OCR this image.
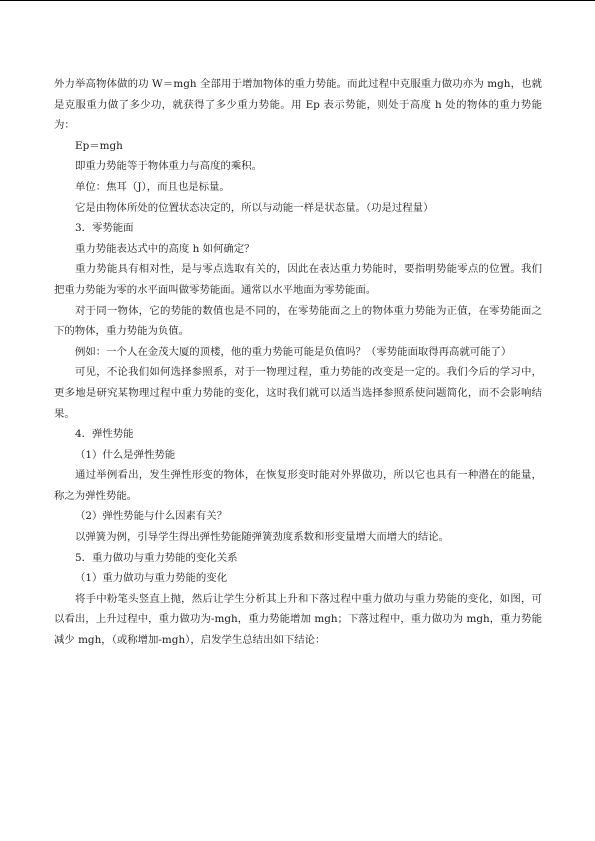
外力举高物体做的功 W＝mgh 全部用于增加物体的重力势能。而此过程中克服重力做功亦为 mgh，也就是克服重力做了多少功，就获得了多少重力势能。用 Ep 表示势能，则处于高度 h 处的物体的重力势能为：

Ep＝mgh

即重力势能等于物体重力与高度的乘积。

单位：焦耳（J），而且也是标量。

它是由物体所处的位置状态决定的，所以与动能一样是状态量。（功是过程量）

3．零势能面

重力势能表达式中的高度 h 如何确定？

重力势能具有相对性，是与零点选取有关的，因此在表达重力势能时，要指明势能零点的位置。我们把重力势能为零的水平面叫做零势能面。通常以水平地面为零势能面。

对于同一物体，它的势能的数值也是不同的，在零势能面之上的物体重力势能为正值，在零势能面之下的物体，重力势能为负值。

例如：一个人在金茂大厦的顶楼，他的重力势能可能是负值吗？（零势能面取得再高就可能了）

可见，不论我们如何选择参照系，对于一物理过程，重力势能的改变是一定的。我们今后的学习中，更多地是研究某物理过程中重力势能的变化，这时我们就可以适当选择参照系使问题简化，而不会影响结果。

4．弹性势能

（1）什么是弹性势能

通过举例看出，发生弹性形变的物体，在恢复形变时能对外界做功，所以它也具有一种潜在的能量，称之为弹性势能。

（2）弹性势能与什么因素有关？

以弹簧为例，引导学生得出弹性势能随弹簧劲度系数和形变量增大而增大的结论。

5．重力做功与重力势能的变化关系

（1）重力做功与重力势能的变化

将手中粉笔头竖直上抛，然后让学生分析其上升和下落过程中重力做功与重力势能的变化，如图，可以看出，上升过程中，重力做功为-mgh，重力势能增加 mgh；下落过程中，重力做功为 mgh，重力势能减少 mgh，（或称增加-mgh），启发学生总结出如下结论：
